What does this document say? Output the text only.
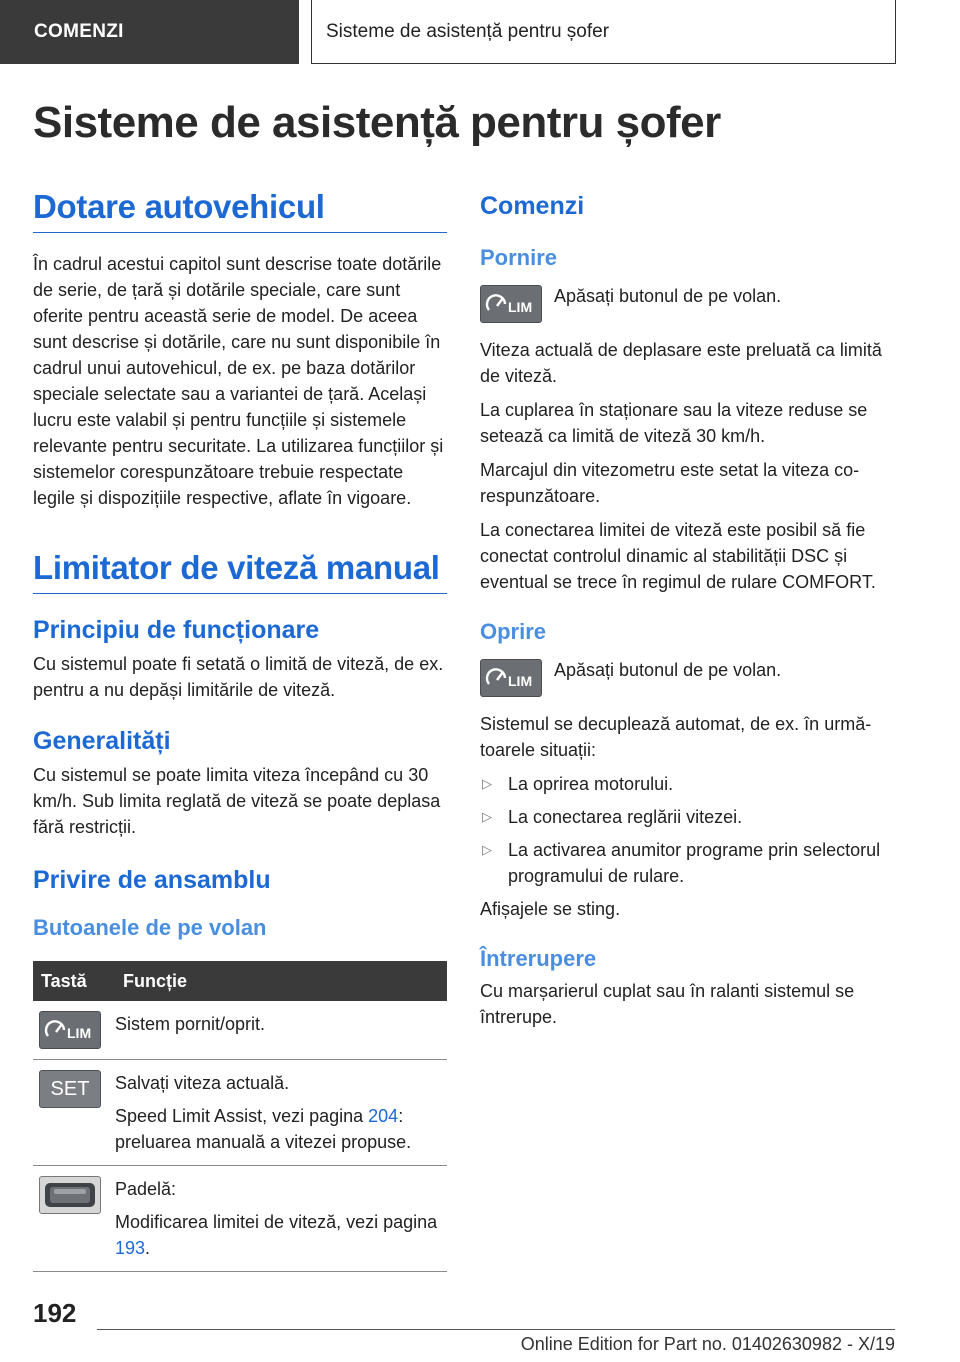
COMENZI	Sisteme de asistență pentru șofer
Sisteme de asistență pentru șofer
Dotare autovehicul

În cadrul acestui capitol sunt descrise toate dotările de serie, de țară și dotările speciale, care sunt oferite pentru această serie de model. De aceea sunt descrise și dotările, care nu sunt disponibile în cadrul unui autovehicul, de ex. pe baza dotărilor speciale selectate sau a variantei de țară. Același lucru este valabil și pentru funcțiile și sistemele relevante pentru securitate. La utilizarea funcțiilor și sistemelor corespunzătoare trebuie respectate legile și dispozițiile respective, aflate în vigoare.

Limitator de viteză manual
Principiu de funcționare

Cu sistemul poate fi setată o limită de viteză, de ex. pentru a nu depăși limitările de viteză.

Generalități

Cu sistemul se poate limita viteza începând cu 30 km/h. Sub limita reglată de viteză se poate deplasa fără restricții.

Privire de ansamblu
Butoanele de pe volan
Tastă	Funcție

LIM	Sistem pornit/oprit.

SET	Salvați viteza actuală.
Speed Limit Assist, vezi pagina 204: preluarea manuală a vitezei propuse.

Padelă:
Modificarea limitei de viteză, vezi pagina 193.
Comenzi
Pornire
LIM

Apăsați butonul de pe volan.

Viteza actuală de deplasare este preluată ca limită de viteză.

La cuplarea în staționare sau la viteze reduse se setează ca limită de viteză 30 km/h.

Marcajul din vitezometru este setat la viteza corespunzătoare.

La conectarea limitei de viteză este posibil să fie conectat controlul dinamic al stabilității DSC și eventual se trece în regimul de rulare COMFORT.

Oprire
LIM

Apăsați butonul de pe volan.

Sistemul se decuplează automat, de ex. în următoarele situații:

▷ La oprirea motorului.
▷ La conectarea reglării vitezei.
▷ La activarea anumitor programe prin selectorul programului de rulare.

Afișajele se sting.

Întrerupere

Cu marșarierul cuplat sau în ralanti sistemul se întrerupe.

192
Online Edition for Part no. 01402630982 - X/19
